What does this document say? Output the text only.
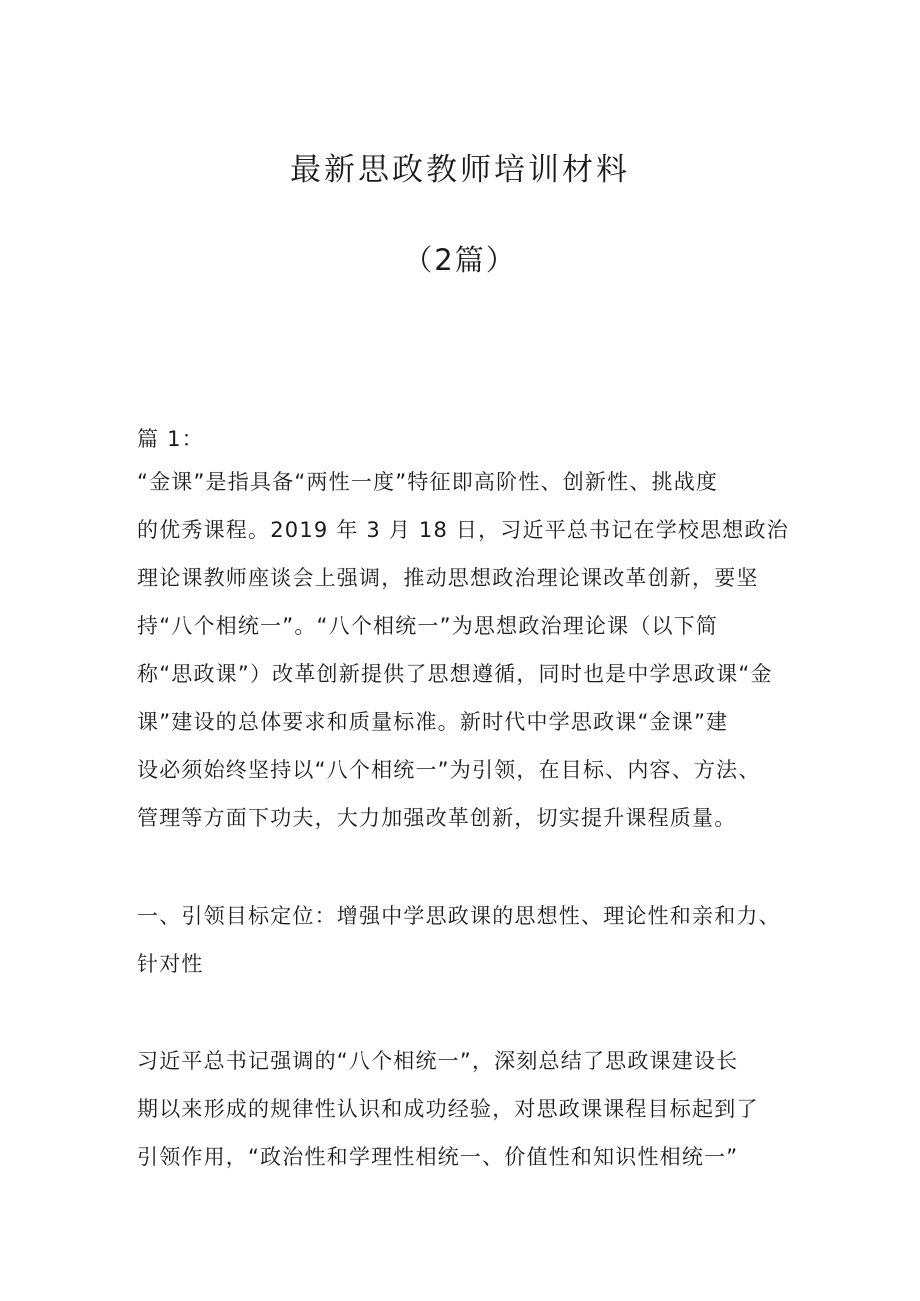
最新思政教师培训材料
（2篇）
篇 1：
“金课”是指具备“两性一度”特征即高阶性、创新性、挑战度
的优秀课程。2019 年 3 月 18 日，习近平总书记在学校思想政治
理论课教师座谈会上强调，推动思想政治理论课改革创新，要坚
持“八个相统一”。“八个相统一”为思想政治理论课（以下简
称“思政课”）改革创新提供了思想遵循，同时也是中学思政课“金
课”建设的总体要求和质量标准。新时代中学思政课“金课”建
设必须始终坚持以“八个相统一”为引领，在目标、内容、方法、
管理等方面下功夫，大力加强改革创新，切实提升课程质量。
一、引领目标定位：增强中学思政课的思想性、理论性和亲和力、
针对性
习近平总书记强调的“八个相统一”，深刻总结了思政课建设长
期以来形成的规律性认识和成功经验，对思政课课程目标起到了
引领作用，“政治性和学理性相统一、价值性和知识性相统一”
